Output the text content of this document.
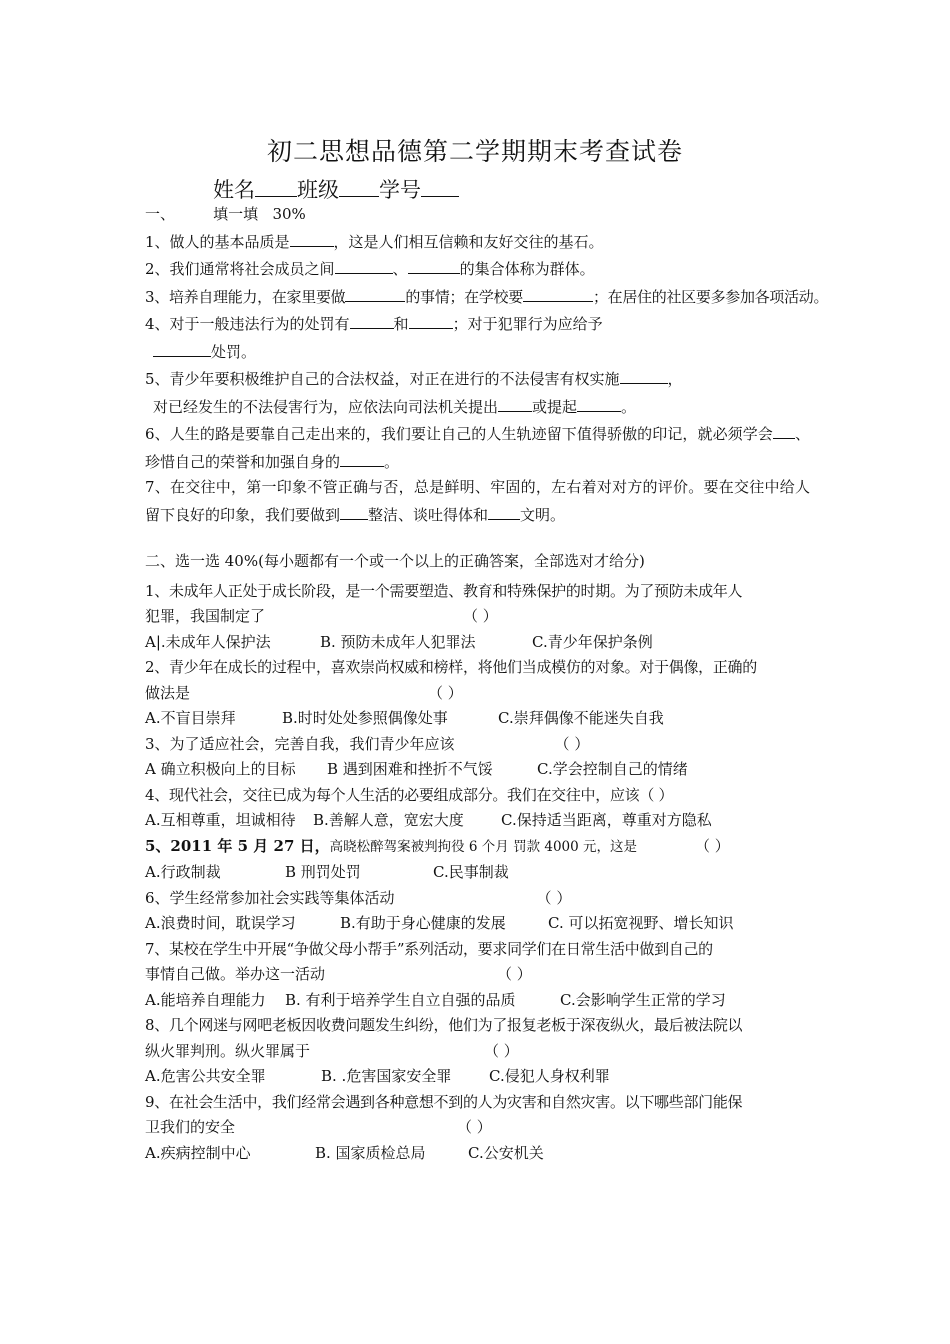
初二思想品德第二学期期末考查试卷
姓名 班级 学号
一、        填一填   30%
1、做人的基本品质是	，这是人们相互信赖和友好交往的基石。
2、我们通常将社会成员之间	、	的集合体称为群体。
3、培养自理能力，在家里要做	的事情；在学校要	；在居住的社区要多参加各项活动。
4、对于一般违法行为的处罚有	和	；对于犯罪行为应给予
处罚。
5、青少年要积极维护自己的合法权益，对正在进行的不法侵害有权实施	，
对已经发生的不法侵害行为，应依法向司法机关提出 或提起	。
6、人生的路是要靠自己走出来的，我们要让自己的人生轨迹留下值得骄傲的印记，就必须学会 、珍惜自己的荣誉和加强自身的	。
7、在交往中，第一印象不管正确与否，总是鲜明、牢固的，左右着对对方的评价。要在交往中给人留下良好的印象，我们要做到 整洁、谈吐得体和 文明。
二、选一选 40%(每小题都有一个或一个以上的正确答案，全部选对才给分)
1、未成年人正处于成长阶段，是一个需要塑造、教育和特殊保护的时期。为了预防未成年人
犯罪，我国制定了	（ ）
A|.未成年人保护法	B. 预防未成年人犯罪法	C.青少年保护条例
2、青少年在成长的过程中，喜欢崇尚权威和榜样，将他们当成模仿的对象。对于偶像，正确的
做法是	（ ）
A.不盲目崇拜	B.时时处处参照偶像处事	C.崇拜偶像不能迷失自我
3、为了适应社会，完善自我，我们青少年应该	（ ）
A 确立积极向上的目标 B 遇到困难和挫折不气馁	C.学会控制自己的情绪
4、现代社会，交往已成为每个人生活的必要组成部分。我们在交往中，应该（ ）
A.互相尊重，坦诚相待 B.善解人意，宽宏大度 C.保持适当距离，尊重对方隐私
5、2011 年 5 月 27 日，高晓松醉驾案被判拘役 6 个月 罚款 4000 元，这是	（ ）
A.行政制裁	B 刑罚处罚	C.民事制裁
6、学生经常参加社会实践等集体活动	（ ）
A.浪费时间，耽误学习	B.有助于身心健康的发展	C. 可以拓宽视野、增长知识
7、某校在学生中开展“争做父母小帮手”系列活动，要求同学们在日常生活中做到自己的
事情自己做。举办这一活动	（ ）
A.能培养自理能力 B. 有利于培养学生自立自强的品质	C.会影响学生正常的学习
8、几个网迷与网吧老板因收费问题发生纠纷，他们为了报复老板于深夜纵火，最后被法院以
纵火罪判刑。纵火罪属于	（ ）
A.危害公共安全罪	B. .危害国家安全罪	C.侵犯人身权利罪
9、在社会生活中，我们经常会遇到各种意想不到的人为灾害和自然灾害。以下哪些部门能保
卫我们的安全	（ ）
A.疾病控制中心	B. 国家质检总局	C.公安机关
